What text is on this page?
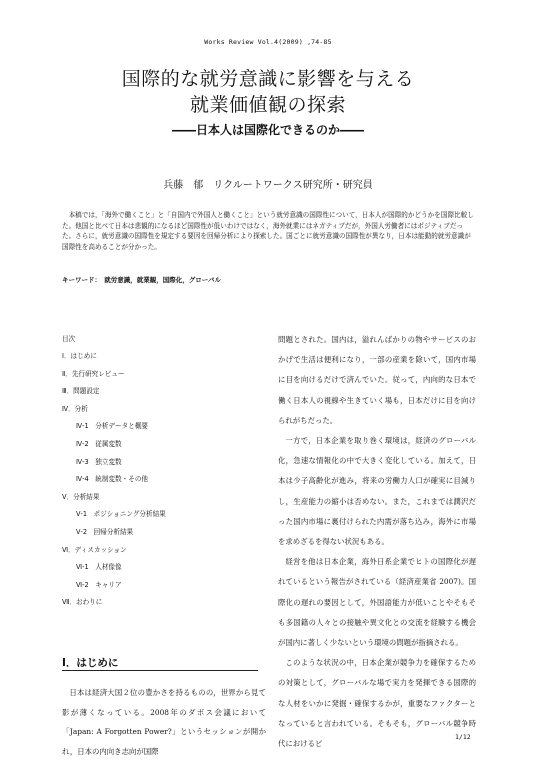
Works Review Vol.4(2009) ,74-85
国際的な就労意識に影響を与える
就業価値観の探索
――日本人は国際化できるのか――
兵藤　郁　リクルートワークス研究所・研究員

本稿では，「海外で働くこと」と「自国内で外国人と働くこと」という就労意識の国際性について，日本人が国際的かどうかを国際比較した。他国と比べて日本は悲観的になるほど国際性が低いわけではなく，海外就業にはネガティブだが，外国人労働者にはポジティブだった。さらに，就労意識の国際性を規定する要因を回帰分析により探索した。国ごとに就労意識の国際性が異なり，日本は能動的就労意識が国際性を高めることが分かった。

キーワード：　就労意識，就業観，国際化，グローバル
目次
Ⅰ．はじめに
Ⅱ．先行研究レビュー
Ⅲ．問題設定
Ⅳ．分析
Ⅳ-1　分析データと概要
Ⅳ-2　従属変数
Ⅳ-3　独立変数
Ⅳ-4　統制変数・その他
Ⅴ．分析結果
Ⅴ-1　ポジショニング分析結果
Ⅴ-2　回帰分析結果
Ⅵ．ディスカッション
Ⅵ-1　人材像像
Ⅵ-2　キャリア
Ⅶ．おわりに
Ⅰ．はじめに

日本は経済大国２位の豊かさを持るものの，世界から見て影が薄くなっている。2008年のダボス会議において「Japan: A Forgotten Power?」というセッションが開かれ，日本の内向き志向が国際

問題とされた。国内は，溢れんばかりの物やサービスのおかげで生活は便利になり，一部の産業を除いて，国内市場に目を向けるだけで済んでいた。従って，内向的な日本で働く日本人の視線や生きていく場も，日本だけに目を向けられがちだった。

一方で，日本企業を取り巻く環境は，経済のグローバル化，急速な情報化の中で大きく変化している。加えて，日本は少子高齢化が進み，将来の労働力人口が確実に目減りし，生産能力の縮小は否めない。また，これまでは潤沢だった国内市場に裏付けられた内需が落ち込み，海外に市場を求めざるを得ない状況もある。

経営を他は日本企業，海外日系企業でヒトの国際化が遅れているという報告がされている（経済産業省 2007)。国際化の遅れの要因として，外国語能力が低いことやそもそも多国籍の人々との接触や異文化との交流を経験する機会が国内に著しく少ないという環境の問題が指摘される。

このような状況の中，日本企業が競争力を確保するための対策として，グローバルな場で実力を発揮できる国際的な人材をいかに発掘・確保するかが，重要なファクターとなっていると言われている。そもそも，グローバル競争時代におけるビ

1/12
